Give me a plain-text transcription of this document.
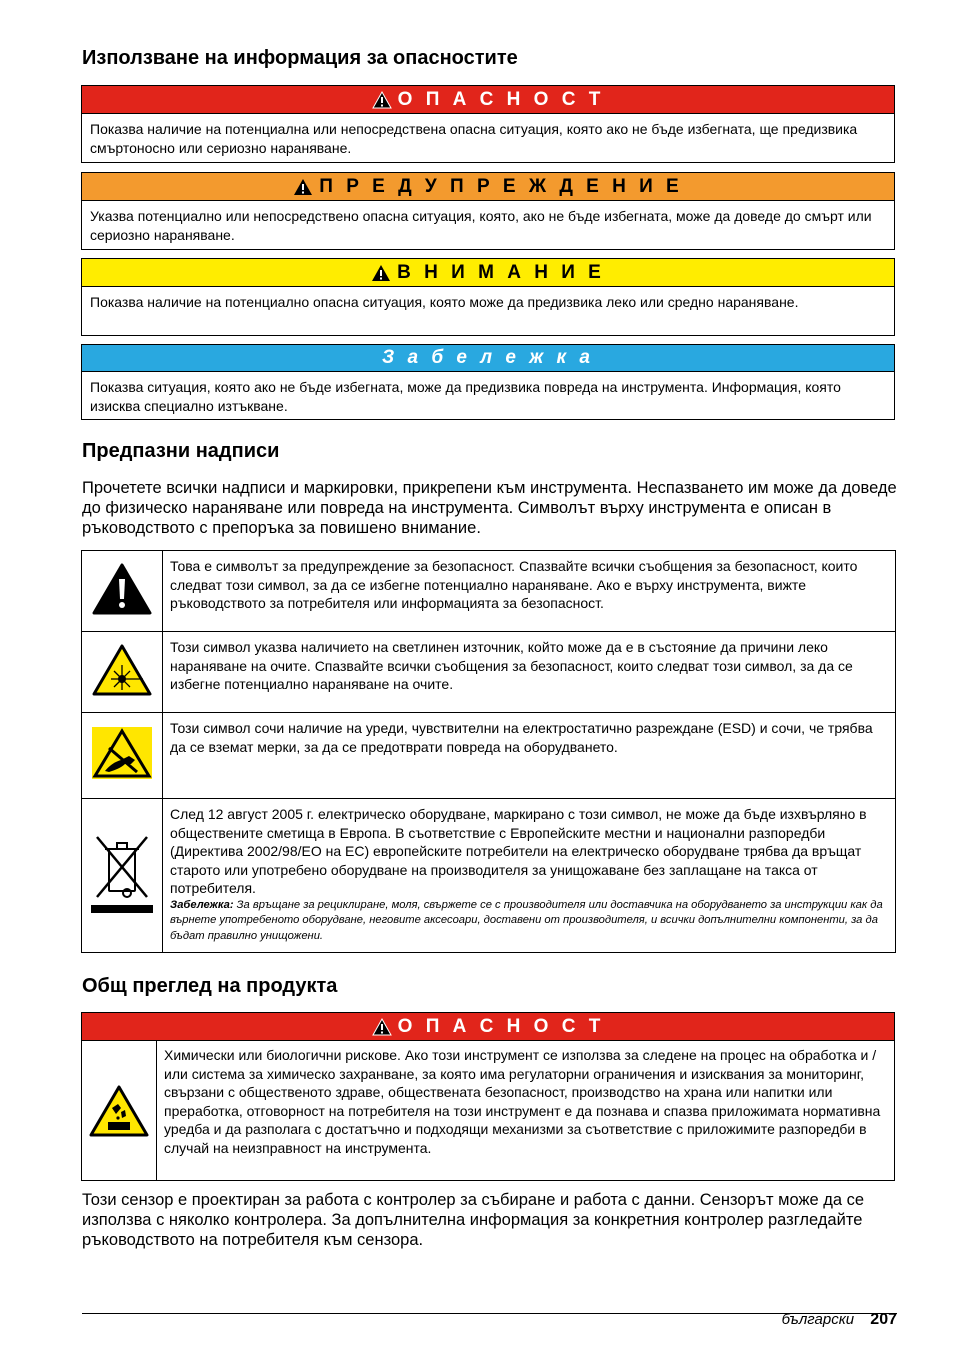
Използване на информация за опасностите
О П А С Н О С Т
Показва наличие на потенциална или непосредствена опасна ситуация, която ако не бъде избегната, ще предизвика смъртоносно или сериозно нараняване.
П Р Е Д У П Р Е Ж Д Е Н И Е
Указва потенциално или непосредствено опасна ситуация, която, ако не бъде избегната, може да доведе до смърт или сериозно нараняване.
В Н И М А Н И Е
Показва наличие на потенциално опасна ситуация, която може да предизвика леко или средно нараняване.
З а б е л е ж к а
Показва ситуация, която ако не бъде избегната, може да предизвика повреда на инструмента. Информация, която изисква специално изтъкване.
Предпазни надписи

Прочетете всички надписи и маркировки, прикрепени към инструмента. Неспазването им може да доведе до физическо нараняване или повреда на инструмента. Символът върху инструмента е описан в ръководството с препоръка за повишено внимание.

	Това е символът за предупреждение за безопасност. Спазвайте всички съобщения за безопасност, които следват този символ, за да се избегне потенциално нараняване. Ако е върху инструмента, вижте ръководството за потребителя или информацията за безопасност.
	Този символ указва наличието на светлинен източник, който може да е в състояние да причини леко нараняване на очите. Спазвайте всички съобщения за безопасност, които следват този символ, за да се избегне потенциално нараняване на очите.
	Този символ сочи наличие на уреди, чувствителни на електростатично разреждане (ESD) и сочи, че трябва да се вземат мерки, за да се предотврати повреда на оборудването.
	След 12 август 2005 г. електрическо оборудване, маркирано с този символ, не може да бъде изхвърляно в обществените сметища в Европа. В съответствие с Европейските местни и национални разпоредби (Директива 2002/98/EO на ЕС) европейските потребители на електрическо оборудване трябва да връщат старото или употребено оборудване на производителя за унищожаване без заплащане на такса от потребителя.
Забележка: За връщане за рециклиране, моля, свържете се с производителя или доставчика на оборудването за инструкции как да върнете употребеното оборудване, неговите аксесоари, доставени от производителя, и всички допълнителни компоненти, за да бъдат правилно унищожени.
Общ преглед на продукта
О П А С Н О С Т
Химически или биологични рискове. Ако този инструмент се използва за следене на процес на обработка и / или система за химическо захранване, за която има регулаторни ограничения и изисквания за мониторинг, свързани с общественото здраве, обществената безопасност, производство на храна или напитки или преработка, отговорност на потребителя на този инструмент е да познава и спазва приложимата нормативна уредба и да разполага с достатъчно и подходящи механизми за съответствие с приложимите разпоредби в случай на неизправност на инструмента.

Този сензор е проектиран за работа с контролер за събиране и работа с данни. Сензорът може да се използва с няколко контролера. За допълнителна информация за конкретния контролер разгледайте ръководството на потребителя към сензора.

български 207
